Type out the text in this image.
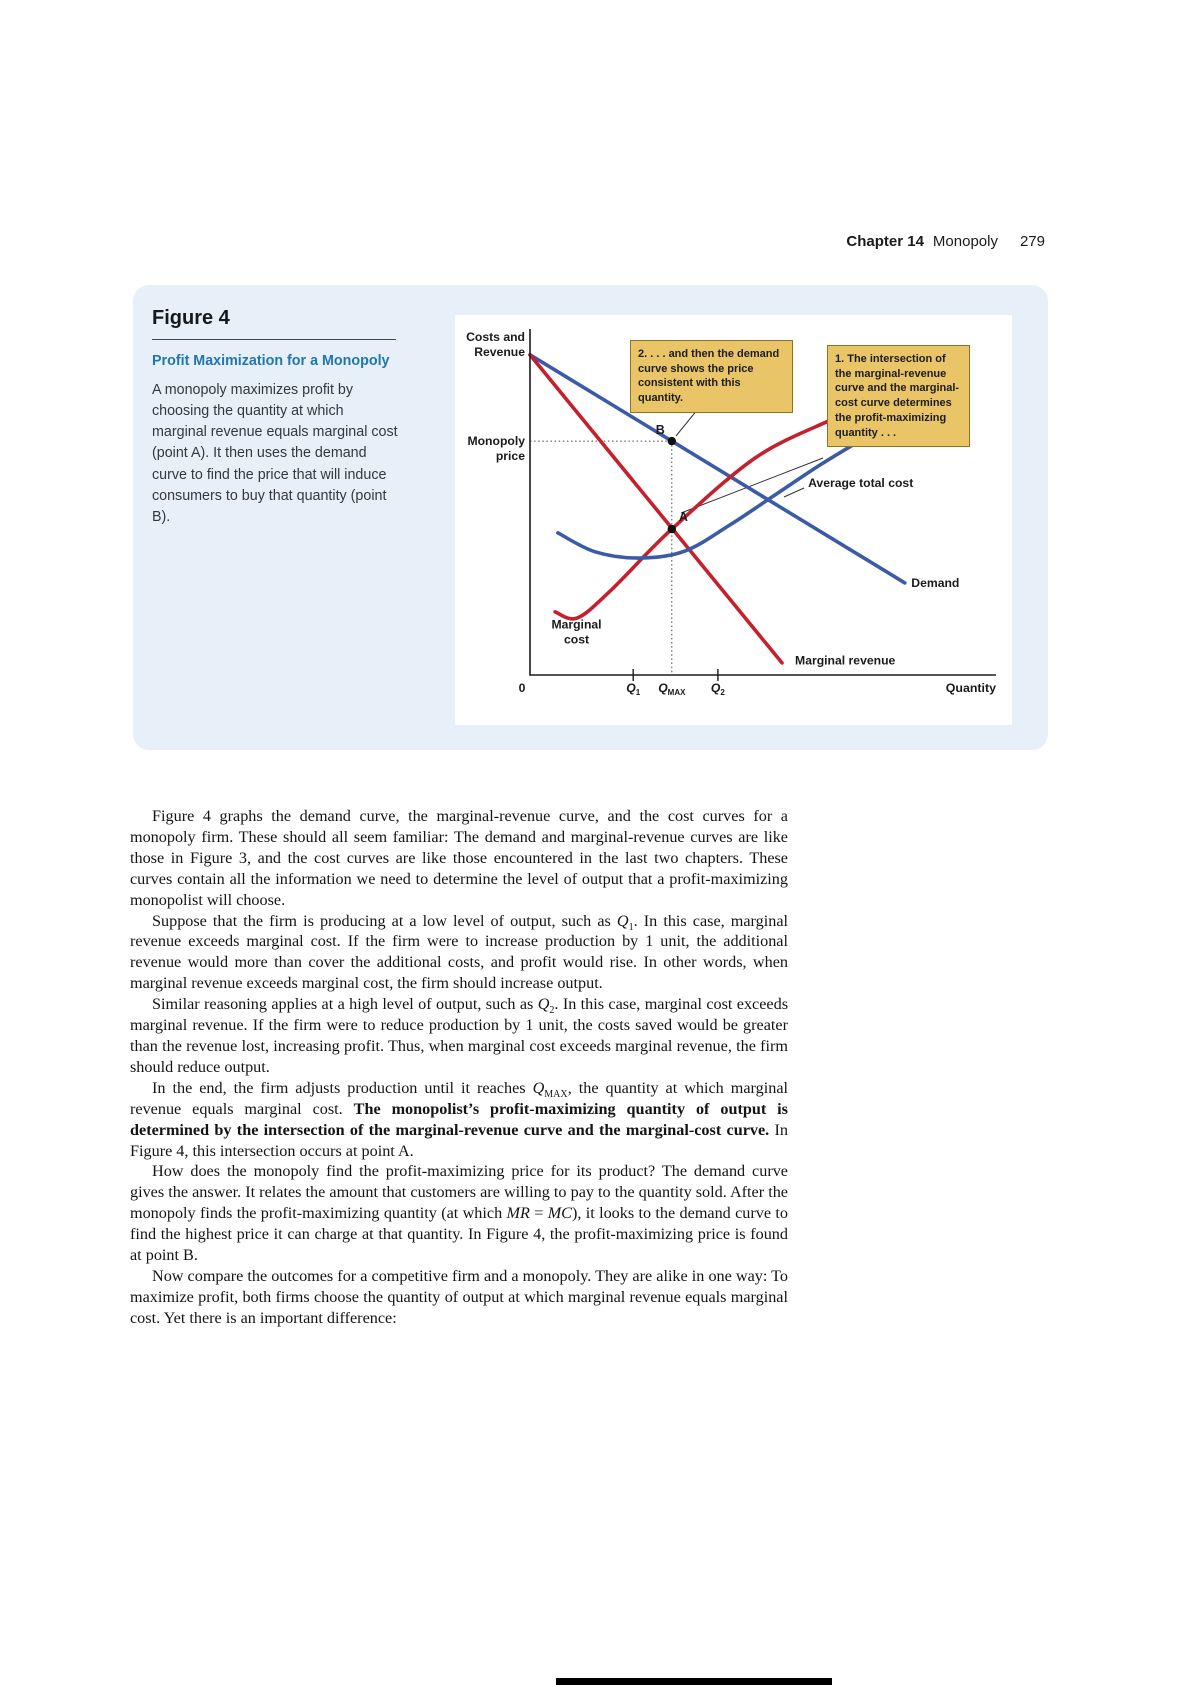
Chapter 14 Monopoly 279
Figure 4
Profit Maximization for a Monopoly
A monopoly maximizes profit by choosing the quantity at which marginal revenue equals marginal cost (point A). It then uses the demand curve to find the price that will induce consumers to buy that quantity (point B).
Demand
Marginal revenue
Marginal
cost
Average total cost
Costs and
Revenue
Monopoly
price
A
B
0	$Q_1$ $Q_{MAX}$ $Q_2$	Quantity
1. The intersection of the marginal-revenue curve and the marginal-cost curve determines the profit-maximizing quantity . . .
2. . . . and then the demand curve shows the price consistent with this quantity.

Figure 4 graphs the demand curve, the marginal-revenue curve, and the cost curves for a monopoly firm. These should all seem familiar: The demand and marginal-revenue curves are like those in Figure 3, and the cost curves are like those encountered in the last two chapters. These curves contain all the information we need to determine the level of output that a profit-maximizing monopolist will choose.

Suppose that the firm is producing at a low level of output, such as $Q_1$. In this case, marginal revenue exceeds marginal cost. If the firm were to increase production by 1 unit, the additional revenue would more than cover the additional costs, and profit would rise. In other words, when marginal revenue exceeds marginal cost, the firm should increase output.

Similar reasoning applies at a high level of output, such as $Q_2$. In this case, marginal cost exceeds marginal revenue. If the firm were to reduce production by 1 unit, the costs saved would be greater than the revenue lost, increasing profit. Thus, when marginal cost exceeds marginal revenue, the firm should reduce output.

In the end, the firm adjusts production until it reaches $Q_{MAX}$, the quantity at which marginal revenue equals marginal cost. The monopolist’s profit-maximizing quantity of output is determined by the intersection of the marginal-revenue curve and the marginal-cost curve. In Figure 4, this intersection occurs at point A.

How does the monopoly find the profit-maximizing price for its product? The demand curve gives the answer. It relates the amount that customers are willing to pay to the quantity sold. After the monopoly finds the profit-maximizing quantity (at which MR = MC), it looks to the demand curve to find the highest price it can charge at that quantity. In Figure 4, the profit-maximizing price is found at point B.

Now compare the outcomes for a competitive firm and a monopoly. They are alike in one way: To maximize profit, both firms choose the quantity of output at which marginal revenue equals marginal cost. Yet there is an important difference:
